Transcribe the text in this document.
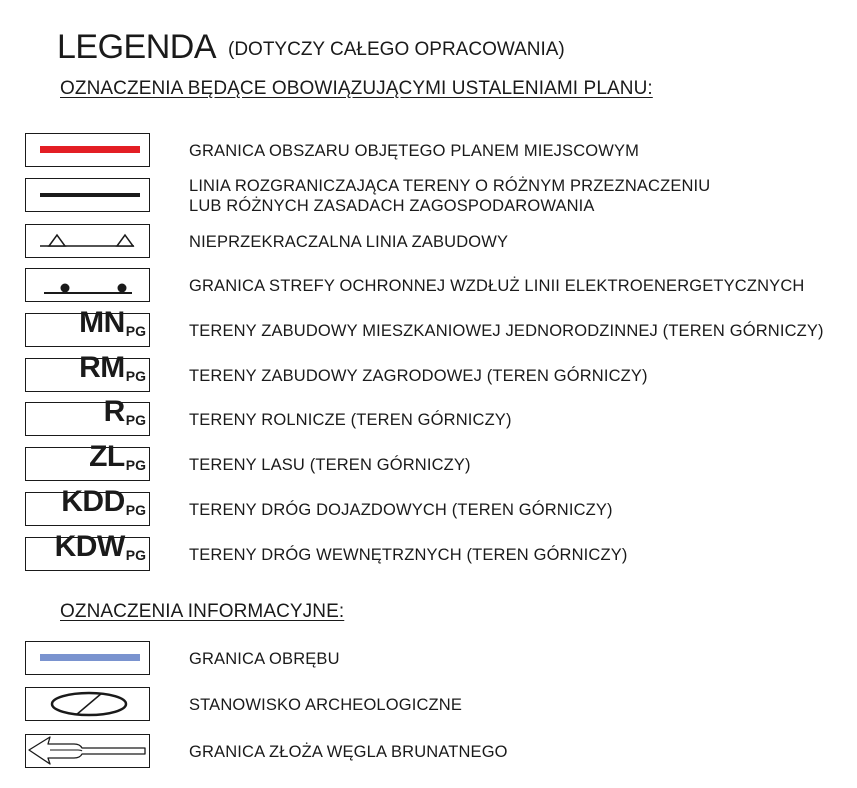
LEGENDA (DOTYCZY CAŁEGO OPRACOWANIA)
OZNACZENIA BĘDĄCE OBOWIĄZUJĄCYMI USTALENIAMI PLANU:
GRANICA OBSZARU OBJĘTEGO PLANEM MIEJSCOWYM
LINIA ROZGRANICZAJĄCA TERENY O RÓŻNYM PRZEZNACZENIU
LUB RÓŻNYCH ZASADACH ZAGOSPODAROWANIA
NIEPRZEKRACZALNA LINIA ZABUDOWY
GRANICA STREFY OCHRONNEJ WZDŁUŻ LINII ELEKTROENERGETYCZNYCH
$MN_{PG}$	TERENY ZABUDOWY MIESZKANIOWEJ JEDNORODZINNEJ (TEREN GÓRNICZY)
$RM_{PG}$	TERENY ZABUDOWY ZAGRODOWEJ (TEREN GÓRNICZY)
$R_{PG}$	TERENY ROLNICZE (TEREN GÓRNICZY)
$ZL_{PG}$	TERENY LASU (TEREN GÓRNICZY)
$KDD_{PG}$	TERENY DRÓG DOJAZDOWYCH (TEREN GÓRNICZY)
$KDW_{PG}$	TERENY DRÓG WEWNĘTRZNYCH (TEREN GÓRNICZY)
OZNACZENIA INFORMACYJNE:
GRANICA OBRĘBU
STANOWISKO ARCHEOLOGICZNE
GRANICA ZŁOŻA WĘGLA BRUNATNEGO
